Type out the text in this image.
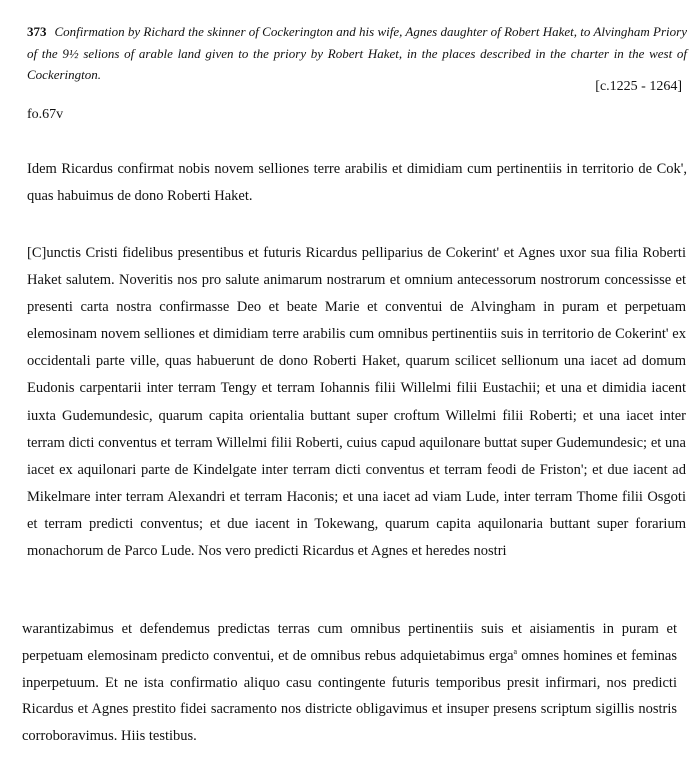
373 Confirmation by Richard the skinner of Cockerington and his wife, Agnes daughter of Robert Haket, to Alvingham Priory of the 9½ selions of arable land given to the priory by Robert Haket, in the places described in the charter in the west of Cockerington.
[c.1225 - 1264]
fo.67v
Idem Ricardus confirmat nobis novem selliones terre arabilis et dimidiam cum pertinentiis in territorio de Cok', quas habuimus de dono Roberti Haket.
[C]unctis Cristi fidelibus presentibus et futuris Ricardus pelliparius de Cokerint' et Agnes uxor sua filia Roberti Haket salutem. Noveritis nos pro salute animarum nostrarum et omnium antecessorum nostrorum concessisse et presenti carta nostra confirmasse Deo et beate Marie et conventui de Alvingham in puram et perpetuam elemosinam novem selliones et dimidiam terre arabilis cum omnibus pertinentiis suis in territorio de Cokerint' ex occidentali parte ville, quas habuerunt de dono Roberti Haket, quarum scilicet sellionum una iacet ad domum Eudonis carpentarii inter terram Tengy et terram Iohannis filii Willelmi filii Eustachii; et una et dimidia iacent iuxta Gudemundesic, quarum capita orientalia buttant super croftum Willelmi filii Roberti; et una iacet inter terram dicti conventus et terram Willelmi filii Roberti, cuius capud aquilonare buttat super Gudemundesic; et una iacet ex aquilonari parte de Kindelgate inter terram dicti conventus et terram feodi de Friston'; et due iacent ad Mikelmare inter terram Alexandri et terram Haconis; et una iacet ad viam Lude, inter terram Thome filii Osgoti et terram predicti conventus; et due iacent in Tokewang, quarum capita aquilonaria buttant super forarium monachorum de Parco Lude. Nos vero predicti Ricardus et Agnes et heredes nostri
warantizabimus et defendemus predictas terras cum omnibus pertinentiis suis et aisiamentis in puram et perpetuam elemosinam predicto conventui, et de omnibus rebus adquietabimus erga$^a$ omnes homines et feminas inperpetuum. Et ne ista confirmatio aliquo casu contingente futuris temporibus presit infirmari, nos predicti Ricardus et Agnes prestito fidei sacramento nos districte obligavimus et insuper presens scriptum sigillis nostris corroboravimus. Hiis testibus.
